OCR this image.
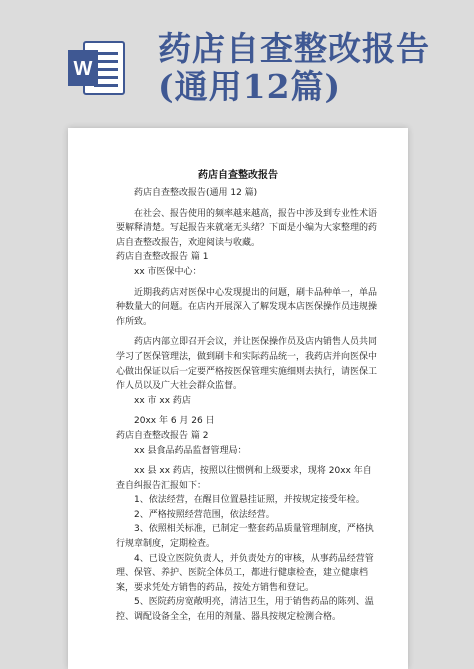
W
药店自查整改报告
(通用12篇)
药店自查整改报告

药店自查整改报告(通用 12 篇)

在社会、报告使用的频率越来越高，报告中涉及到专业性术语要解释清楚。写起报告来就毫无头绪？下面是小编为大家整理的药店自查整改报告，欢迎阅读与收藏。

药店自查整改报告 篇 1

xx 市医保中心：

近期我药店对医保中心发现提出的问题，刷卡品种单一，单品种数量大的问题。在店内开展深入了解发现本店医保操作员违规操作所致。

药店内部立即召开会议，并让医保操作员及店内销售人员共同学习了医保管理法，做到刷卡和实际药品统一，我药店并向医保中心做出保证以后一定要严格按医保管理实施细则去执行，请医保工作人员以及广大社会群众监督。

xx 市 xx 药店

20xx 年 6 月 26 日

药店自查整改报告 篇 2

xx 县食品药品监督管理局：

xx 县 xx 药店，按照以往惯例和上级要求，现将 20xx 年自查自纠报告汇报如下：

1、依法经营，在醒目位置悬挂证照，并按规定接受年检。

2、严格按照经营范围，依法经营。

3、依照相关标准，已制定一整套药品质量管理制度，严格执行规章制度，定期检查。

4、已设立医院负责人，并负责处方的审核，从事药品经营管理、保管、养护、医院全体员工，都进行健康检查，建立健康档案，要求凭处方销售的药品，按处方销售和登记。

5、医院药房宽敞明亮，清洁卫生，用于销售药品的陈列、温控、调配设备全全，在用的剂量、器具按规定检测合格。
